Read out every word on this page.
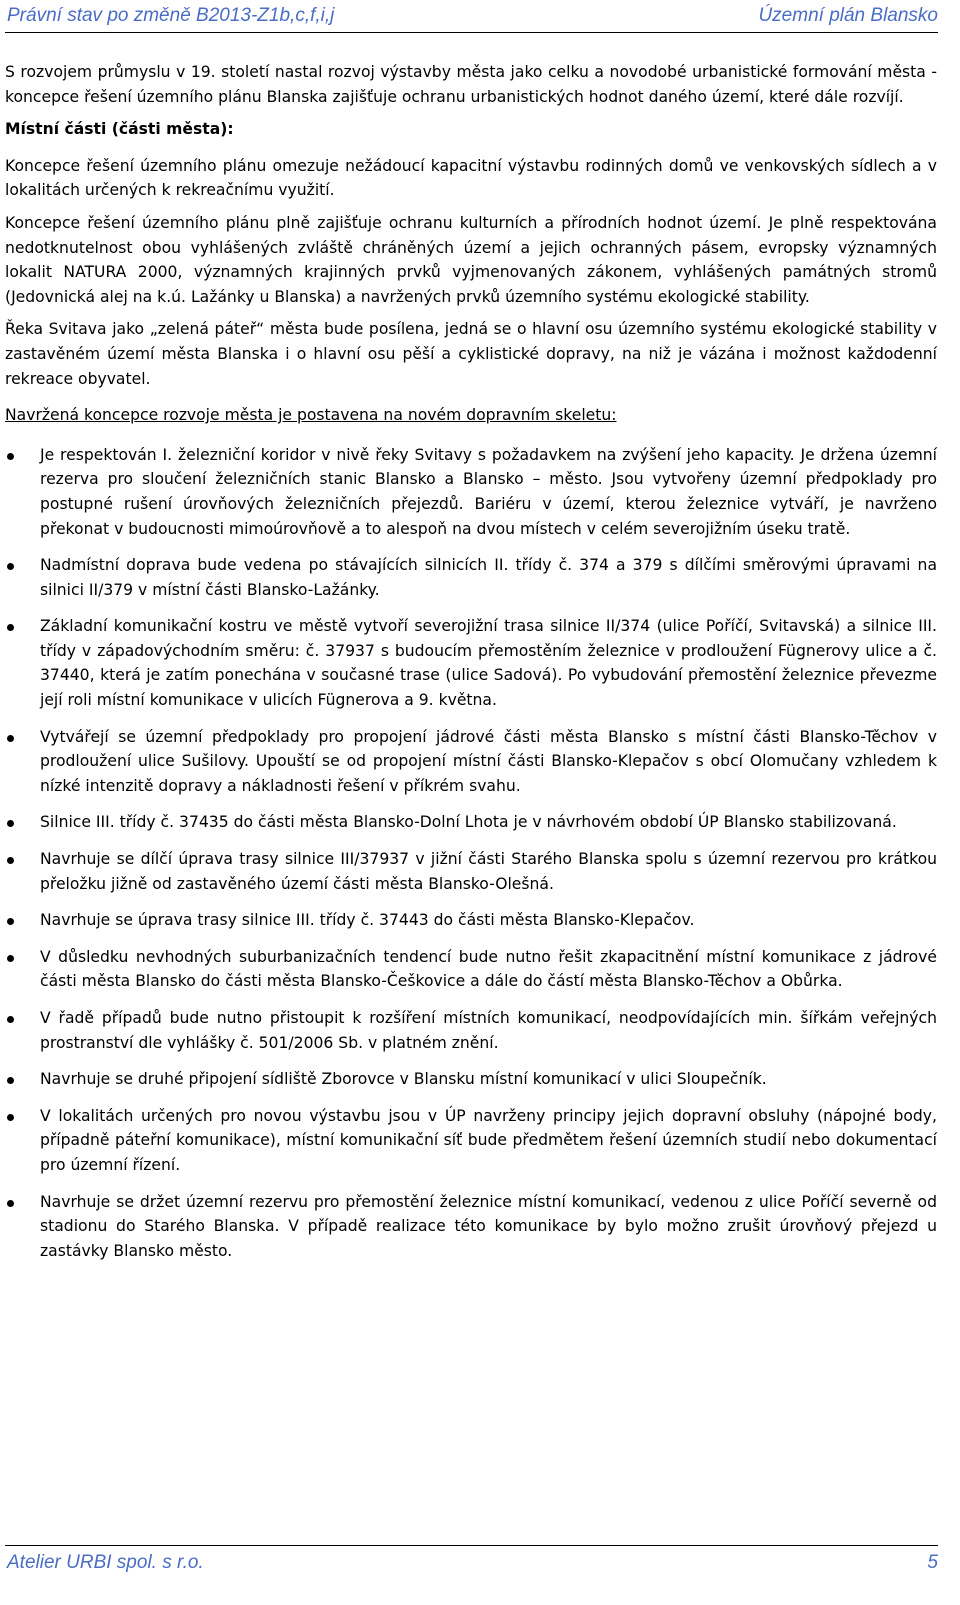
Právní stav po změně B2013-Z1b,c,f,i,j	Územní plán Blansko

S rozvojem průmyslu v 19. století nastal rozvoj výstavby města jako celku a novodobé urbanistické formování města - koncepce řešení územního plánu Blanska zajišťuje ochranu urbanistických hodnot daného území, které dále rozvíjí.

Místní části (části města):

Koncepce řešení územního plánu omezuje nežádoucí kapacitní výstavbu rodinných domů ve venkovských sídlech a v lokalitách určených k rekreačnímu využití.

Koncepce řešení územního plánu plně zajišťuje ochranu kulturních a přírodních hodnot území. Je plně respektována nedotknutelnost obou vyhlášených zvláště chráněných území a jejich ochranných pásem, evropsky významných lokalit NATURA 2000, významných krajinných prvků vyjmenovaných zákonem, vyhlášených památných stromů (Jedovnická alej na k.ú. Lažánky u Blanska) a navržených prvků územního systému ekologické stability.

Řeka Svitava jako „zelená páteř“ města bude posílena, jedná se o hlavní osu územního systému ekologické stability v zastavěném území města Blanska i o hlavní osu pěší a cyklistické dopravy, na niž je vázána i možnost každodenní rekreace obyvatel.

Navržená koncepce rozvoje města je postavena na novém dopravním skeletu:
Je respektován I. železniční koridor v nivě řeky Svitavy s požadavkem na zvýšení jeho kapacity. Je držena územní rezerva pro sloučení železničních stanic Blansko a Blansko – město. Jsou vytvořeny územní předpoklady pro postupné rušení úrovňových železničních přejezdů. Bariéru v území, kterou železnice vytváří, je navrženo překonat v budoucnosti mimoúrovňově a to alespoň na dvou místech v celém severojižním úseku tratě.
Nadmístní doprava bude vedena po stávajících silnicích II. třídy č. 374 a 379 s dílčími směrovými úpravami na silnici II/379 v místní části Blansko-Lažánky.
Základní komunikační kostru ve městě vytvoří severojižní trasa silnice II/374 (ulice Poříčí, Svitavská) a silnice III. třídy v západovýchodním směru: č. 37937 s budoucím přemostěním železnice v prodloužení Fügnerovy ulice a č. 37440, která je zatím ponechána v současné trase (ulice Sadová). Po vybudování přemostění železnice převezme její roli místní komunikace v ulicích Fügnerova a 9. května.
Vytvářejí se územní předpoklady pro propojení jádrové části města Blansko s místní části Blansko-Těchov v prodloužení ulice Sušilovy. Upouští se od propojení místní části Blansko-Klepačov s obcí Olomučany vzhledem k nízké intenzitě dopravy a nákladnosti řešení v příkrém svahu.
Silnice III. třídy č. 37435 do části města Blansko-Dolní Lhota je v návrhovém období ÚP Blansko stabilizovaná.
Navrhuje se dílčí úprava trasy silnice III/37937 v jižní části Starého Blanska spolu s územní rezervou pro krátkou přeložku jižně od zastavěného území části města Blansko-Olešná.
Navrhuje se úprava trasy silnice III. třídy č. 37443 do části města Blansko-Klepačov.
V důsledku nevhodných suburbanizačních tendencí bude nutno řešit zkapacitnění místní komunikace z jádrové části města Blansko do části města Blansko-Češkovice a dále do částí města Blansko-Těchov a Obůrka.
V řadě případů bude nutno přistoupit k rozšíření místních komunikací, neodpovídajících min. šířkám veřejných prostranství dle vyhlášky č. 501/2006 Sb. v platném znění.
Navrhuje se druhé připojení sídliště Zborovce v Blansku místní komunikací v ulici Sloupečník.
V lokalitách určených pro novou výstavbu jsou v ÚP navrženy principy jejich dopravní obsluhy (nápojné body, případně páteřní komunikace), místní komunikační síť bude předmětem řešení územních studií nebo dokumentací pro územní řízení.
Navrhuje se držet územní rezervu pro přemostění železnice místní komunikací, vedenou z ulice Poříčí severně od stadionu do Starého Blanska. V případě realizace této komunikace by bylo možno zrušit úrovňový přejezd u zastávky Blansko město.
Atelier URBI spol. s r.o.	5
